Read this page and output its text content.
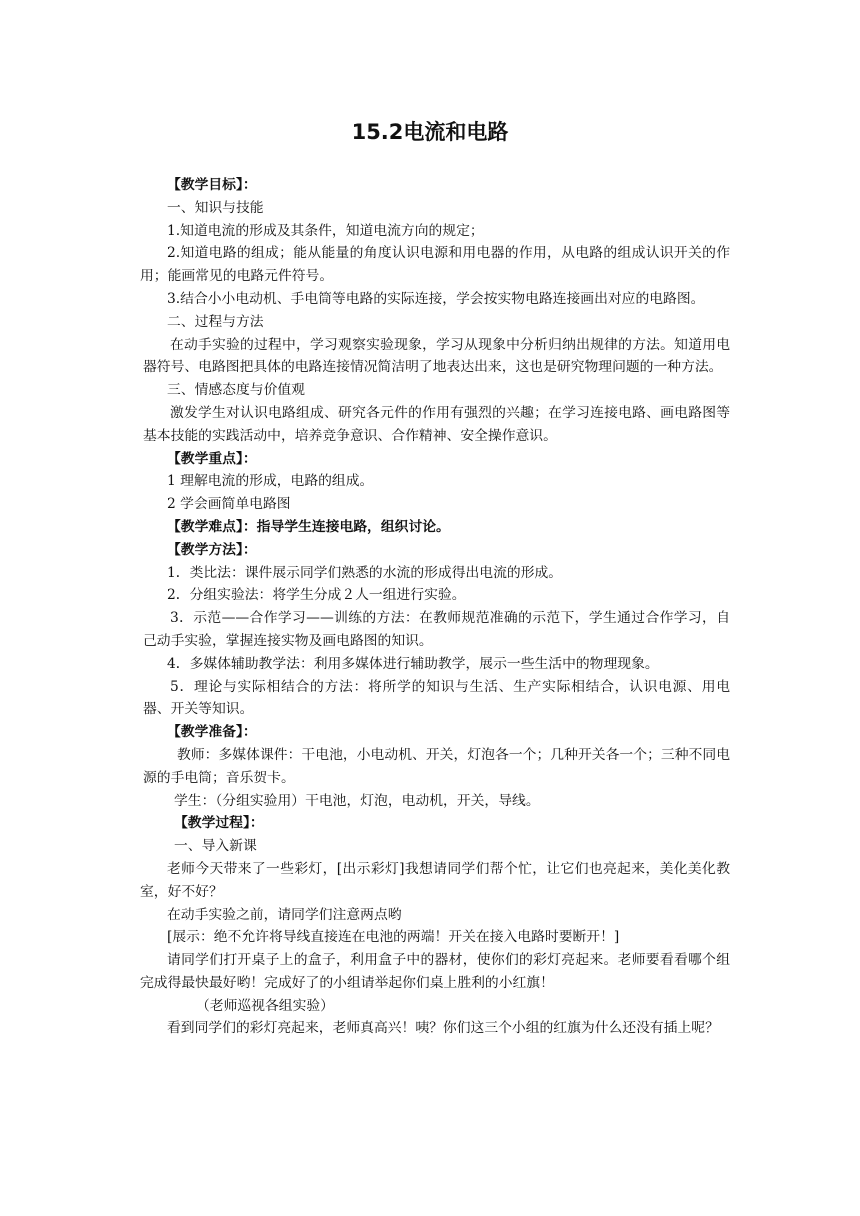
15.2电流和电路

【教学目标】：

一、知识与技能

1.知道电流的形成及其条件，知道电流方向的规定；

2.知道电路的组成；能从能量的角度认识电源和用电器的作用，从电路的组成认识开关的作用；能画常见的电路元件符号。

3.结合小小电动机、手电筒等电路的实际连接，学会按实物电路连接画出对应的电路图。

二、过程与方法

在动手实验的过程中，学习观察实验现象，学习从现象中分析归纳出规律的方法。知道用电器符号、电路图把具体的电路连接情况简洁明了地表达出来，这也是研究物理问题的一种方法。

三、情感态度与价值观

激发学生对认识电路组成、研究各元件的作用有强烈的兴趣；在学习连接电路、画电路图等基本技能的实践活动中，培养竞争意识、合作精神、安全操作意识。

【教学重点】：

1 理解电流的形成，电路的组成。

2 学会画简单电路图

【教学难点】：指导学生连接电路，组织讨论。

【教学方法】：

1．类比法：课件展示同学们熟悉的水流的形成得出电流的形成。

2．分组实验法：将学生分成２人一组进行实验。

3．示范——合作学习——训练的方法：在教师规范准确的示范下，学生通过合作学习，自己动手实验，掌握连接实物及画电路图的知识。

4．多媒体辅助教学法：利用多媒体进行辅助教学，展示一些生活中的物理现象。

5．理论与实际相结合的方法：将所学的知识与生活、生产实际相结合，认识电源、用电器、开关等知识。

【教学准备】：

教师：多媒体课件：干电池，小电动机、开关，灯泡各一个；几种开关各一个；三种不同电源的手电筒；音乐贺卡。

学生：（分组实验用）干电池，灯泡，电动机，开关，导线。

【教学过程】：

一、导入新课

老师今天带来了一些彩灯，[出示彩灯]我想请同学们帮个忙，让它们也亮起来，美化美化教室，好不好？

在动手实验之前，请同学们注意两点哟

[展示：绝不允许将导线直接连在电池的两端！开关在接入电路时要断开！]

请同学们打开桌子上的盒子，利用盒子中的器材，使你们的彩灯亮起来。老师要看看哪个组完成得最快最好哟！完成好了的小组请举起你们桌上胜利的小红旗！

（老师巡视各组实验）

看到同学们的彩灯亮起来，老师真高兴！咦？你们这三个小组的红旗为什么还没有插上呢？
